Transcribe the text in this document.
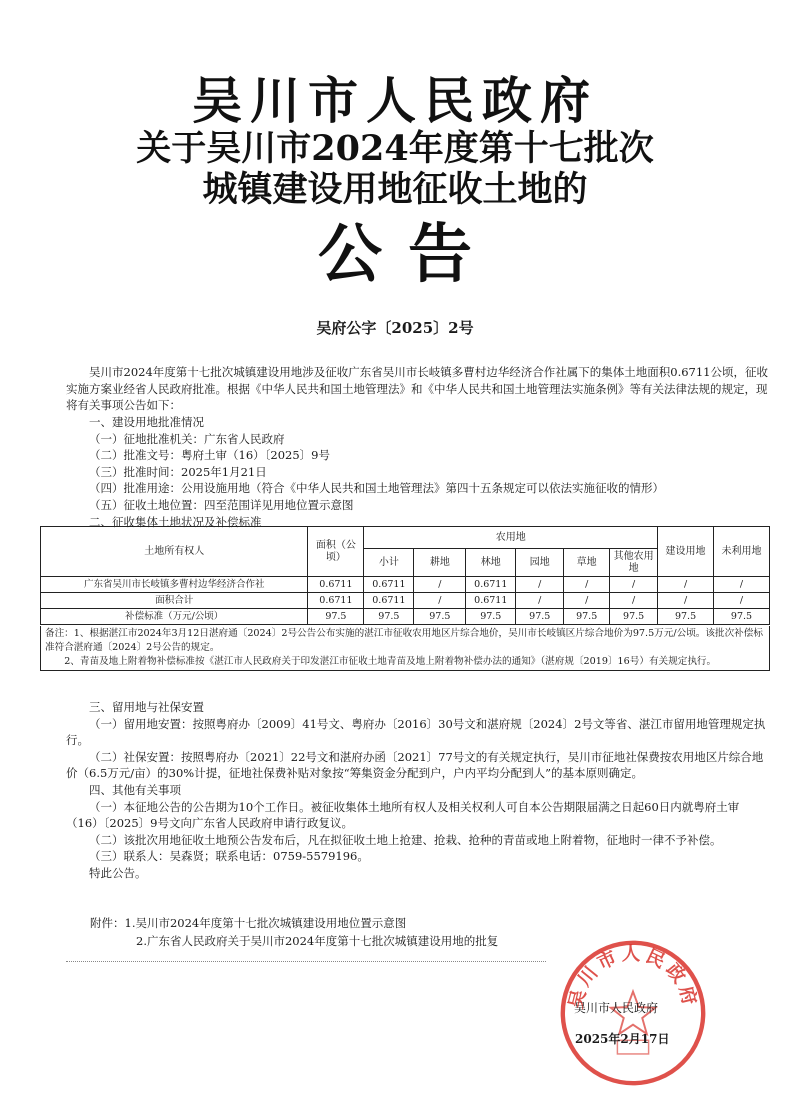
吴川市人民政府
关于吴川市2024年度第十七批次
城镇建设用地征收土地的
公告
吴府公字〔2025〕2号

吴川市2024年度第十七批次城镇建设用地涉及征收广东省吴川市长岐镇多曹村边华经济合作社属下的集体土地面积0.6711公顷，征收实施方案业经省人民政府批准。根据《中华人民共和国土地管理法》和《中华人民共和国土地管理法实施条例》等有关法律法规的规定，现将有关事项公告如下：

一、建设用地批准情况

（一）征地批准机关：广东省人民政府

（二）批准文号：粤府土审（16）〔2025〕9号

（三）批准时间：2025年1月21日

（四）批准用途：公用设施用地（符合《中华人民共和国土地管理法》第四十五条规定可以依法实施征收的情形）

（五）征收土地位置：四至范围详见用地位置示意图

二、征收集体土地状况及补偿标准

土地所有权人	面积（公顷）	农用地						建设用地	未利用地
		小计	耕地	林地	园地	草地	其他农用地		
广东省吴川市长岐镇多曹村边华经济合作社	0.6711	0.6711	/	0.6711	/	/	/	/	/
面积合计	0.6711	0.6711	/	0.6711	/	/	/	/	/
补偿标准（万元/公顷）	97.5	97.5	97.5	97.5	97.5	97.5	97.5	97.5	97.5

备注：1、根据湛江市2024年3月12日湛府通〔2024〕2号公告公布实施的湛江市征收农用地区片综合地价，吴川市长岐镇区片综合地价为97.5万元/公顷。该批次补偿标准符合湛府通〔2024〕2号公告的规定。

2、青苗及地上附着物补偿标准按《湛江市人民政府关于印发湛江市征收土地青苗及地上附着物补偿办法的通知》（湛府规〔2019〕16号）有关规定执行。

三、留用地与社保安置

（一）留用地安置：按照粤府办〔2009〕41号文、粤府办〔2016〕30号文和湛府规〔2024〕2号文等省、湛江市留用地管理规定执行。

（二）社保安置：按照粤府办〔2021〕22号文和湛府办函〔2021〕77号文的有关规定执行，吴川市征地社保费按农用地区片综合地价（6.5万元/亩）的30%计提，征地社保费补贴对象按“筹集资金分配到户，户内平均分配到人”的基本原则确定。

四、其他有关事项

（一）本征地公告的公告期为10个工作日。被征收集体土地所有权人及相关权利人可自本公告期限届满之日起60日内就粤府土审（16）〔2025〕9号文向广东省人民政府申请行政复议。

（二）该批次用地征收土地预公告发布后，凡在拟征收土地上抢建、抢栽、抢种的青苗或地上附着物，征地时一律不予补偿。

（三）联系人：吴森贤；联系电话：0759-5579196。

特此公告。

附件：1.吴川市2024年度第十七批次城镇建设用地位置示意图

2.广东省人民政府关于吴川市2024年度第十七批次城镇建设用地的批复

吴川市人民政府
吴川市人民政府
2025年2月17日
